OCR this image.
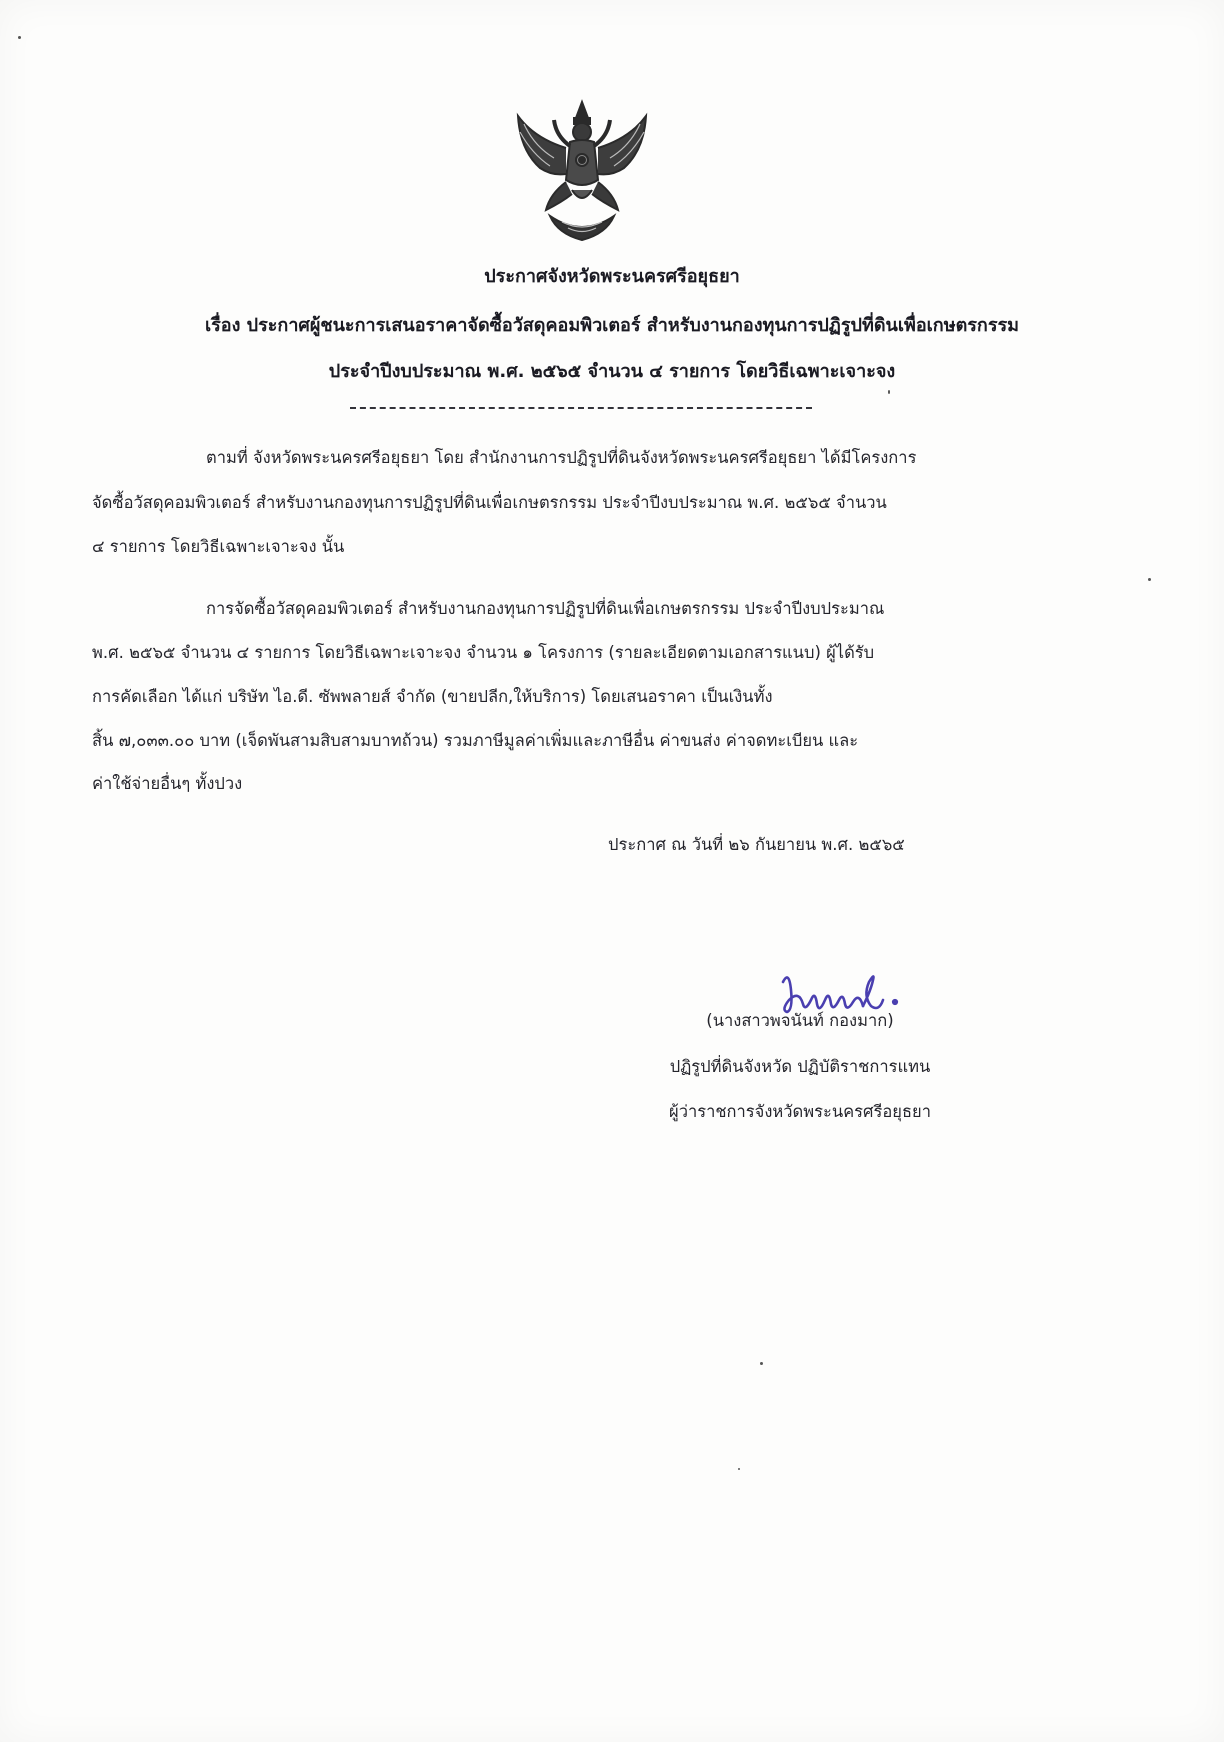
ประกาศจังหวัดพระนครศรีอยุธยา
เรื่อง ประกาศผู้ชนะการเสนอราคาจัดซื้อวัสดุคอมพิวเตอร์ สำหรับงานกองทุนการปฏิรูปที่ดินเพื่อเกษตรกรรม
ประจำปีงบประมาณ พ.ศ. ๒๕๖๕ จำนวน ๔ รายการ โดยวิธีเฉพาะเจาะจง
ตามที่ จังหวัดพระนครศรีอยุธยา โดย สำนักงานการปฏิรูปที่ดินจังหวัดพระนครศรีอยุธยา ได้มีโครงการ
จัดซื้อวัสดุคอมพิวเตอร์ สำหรับงานกองทุนการปฏิรูปที่ดินเพื่อเกษตรกรรม ประจำปีงบประมาณ พ.ศ. ๒๕๖๕ จำนวน
๔ รายการ โดยวิธีเฉพาะเจาะจง นั้น
การจัดซื้อวัสดุคอมพิวเตอร์ สำหรับงานกองทุนการปฏิรูปที่ดินเพื่อเกษตรกรรม ประจำปีงบประมาณ
พ.ศ. ๒๕๖๕ จำนวน ๔ รายการ โดยวิธีเฉพาะเจาะจง จำนวน ๑ โครงการ (รายละเอียดตามเอกสารแนบ) ผู้ได้รับ
การคัดเลือก ได้แก่ บริษัท ไอ.ดี. ซัพพลายส์ จำกัด (ขายปลีก,ให้บริการ) โดยเสนอราคา เป็นเงินทั้ง
สิ้น ๗,๐๓๓.๐๐ บาท (เจ็ดพันสามสิบสามบาทถ้วน) รวมภาษีมูลค่าเพิ่มและภาษีอื่น ค่าขนส่ง ค่าจดทะเบียน และ
ค่าใช้จ่ายอื่นๆ ทั้งปวง
ประกาศ ณ วันที่ ๒๖ กันยายน พ.ศ. ๒๕๖๕
(นางสาวพจนันท์ กองมาก)
ปฏิรูปที่ดินจังหวัด ปฏิบัติราชการแทน
ผู้ว่าราชการจังหวัดพระนครศรีอยุธยา
